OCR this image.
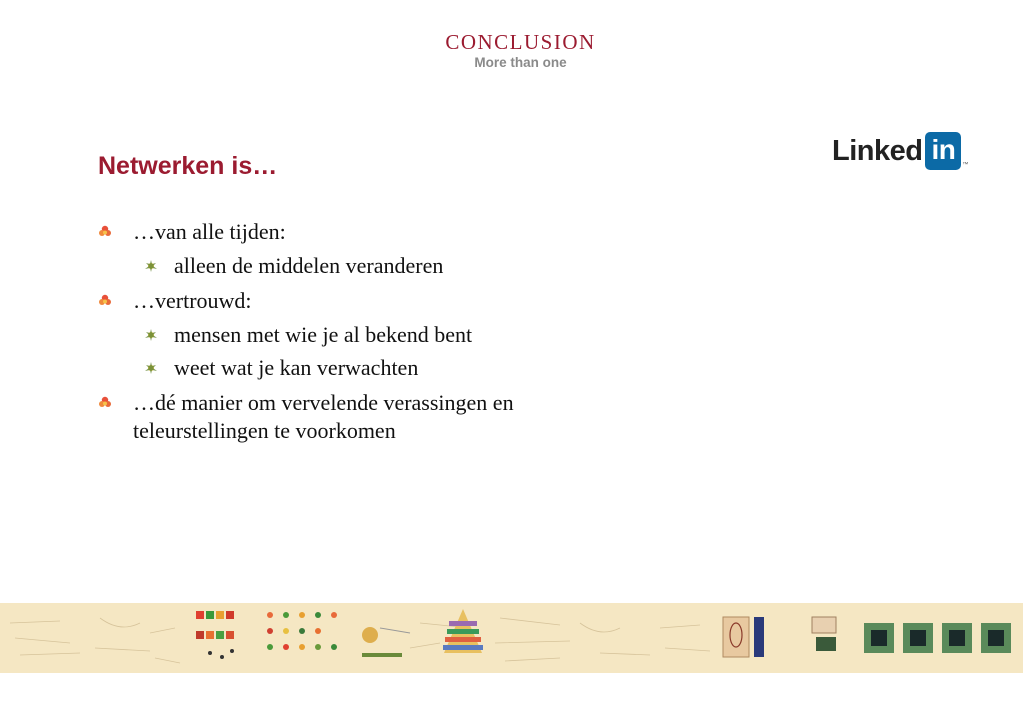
CONCLUSION
More than one
Linked in	™
Netwerken is…
…van alle tijden:
alleen de middelen veranderen
…vertrouwd:
mensen met wie je al bekend bent
weet wat je kan verwachten
…dé manier om vervelende verassingen en teleurstellingen te voorkomen
